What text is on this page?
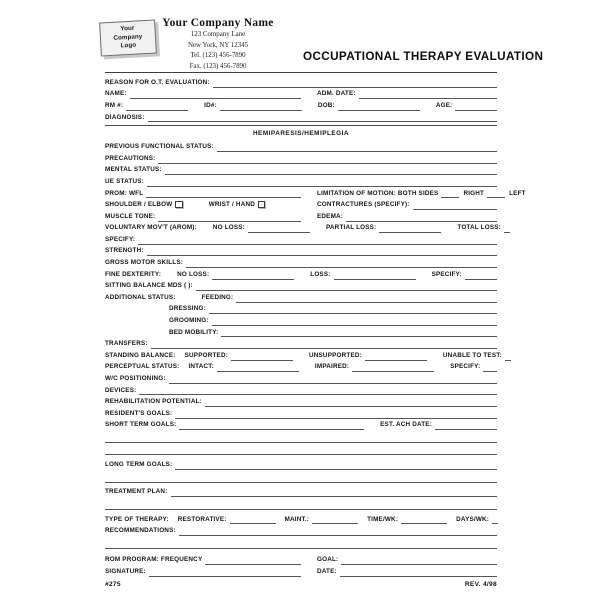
Your
Company
Logo
Your Company Name
123 Company Lane
New York, NY 12345
Tel. (123) 456-7890
Fax. (123) 456-7890
OCCUPATIONAL THERAPY EVALUATION
REASON FOR O.T. EVALUATION:
NAME:	ADM. DATE:
RM #:	ID#:	DOB:	AGE:
DIAGNOSIS:
HEMIPARESIS/HEMIPLEGIA
PREVIOUS FUNCTIONAL STATUS:
PRECAUTIONS:
MENTAL STATUS:
UE STATUS:
PROM: WFL	LIMITATION OF MOTION: BOTH SIDES	RIGHT	LEFT
SHOULDER / ELBOW	WRIST / HAND	CONTRACTURES (SPECIFY):
MUSCLE TONE:	EDEMA:
VOLUNTARY MOV'T (AROM):	NO LOSS:	PARTIAL LOSS:	TOTAL LOSS:
SPECIFY:
STRENGTH:
GROSS MOTOR SKILLS:
FINE DEXTERITY:	NO LOSS:	LOSS:	SPECIFY:
SITTING BALANCE MDS ( ):
ADDITIONAL STATUS:	FEEDING:
DRESSING:
GROOMING:
BED MOBILITY:
TRANSFERS:
STANDING BALANCE: SUPPORTED:	UNSUPPORTED:	UNABLE TO TEST:
PERCEPTUAL STATUS: INTACT:	IMPAIRED:	SPECIFY:
W/C POSITIONING:
DEVICES:
REHABILITATION POTENTIAL:
RESIDENT'S GOALS:
SHORT TERM GOALS:	EST. ACH DATE:
LONG TERM GOALS:
TREATMENT PLAN:
TYPE OF THERAPY: RESTORATIVE:	MAINT.:	TIME/WK:	DAYS/WK:
RECOMMENDATIONS:
ROM PROGRAM: FREQUENCY	GOAL:
SIGNATURE:	DATE:
#275	REV. 4/98
